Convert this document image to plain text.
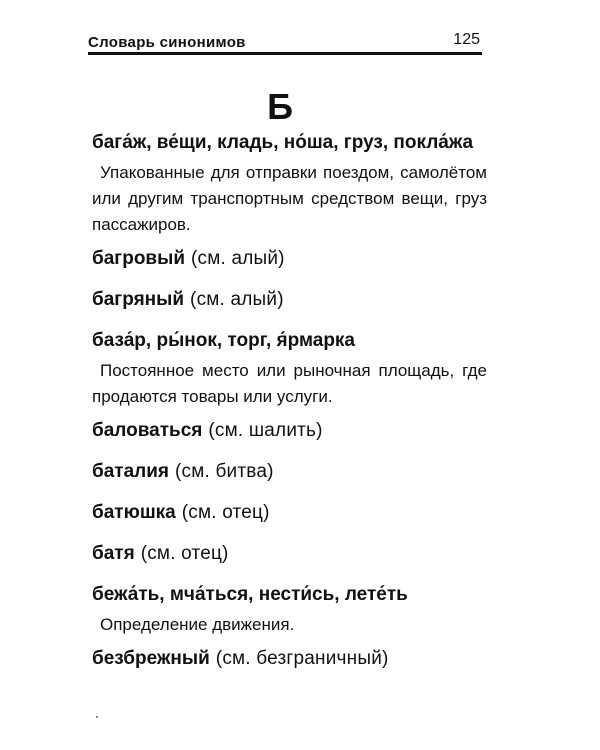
Словарь синонимов	125
Б
бага́ж, ве́щи, кладь, но́ша, груз, покла́жа
Упакованные для отправки поездом, самолётом или другим транспортным средством вещи, груз пассажиров.
багровый (см. алый)
багряный (см. алый)
база́р, ры́нок, торг, я́рмарка
Постоянное место или рыночная площадь, где продаются товары или услуги.
баловаться (см. шалить)
баталия (см. битва)
батюшка (см. отец)
батя (см. отец)
бежа́ть, мча́ться, нести́сь, лете́ть
Определение движения.
безбрежный (см. безграничный)
